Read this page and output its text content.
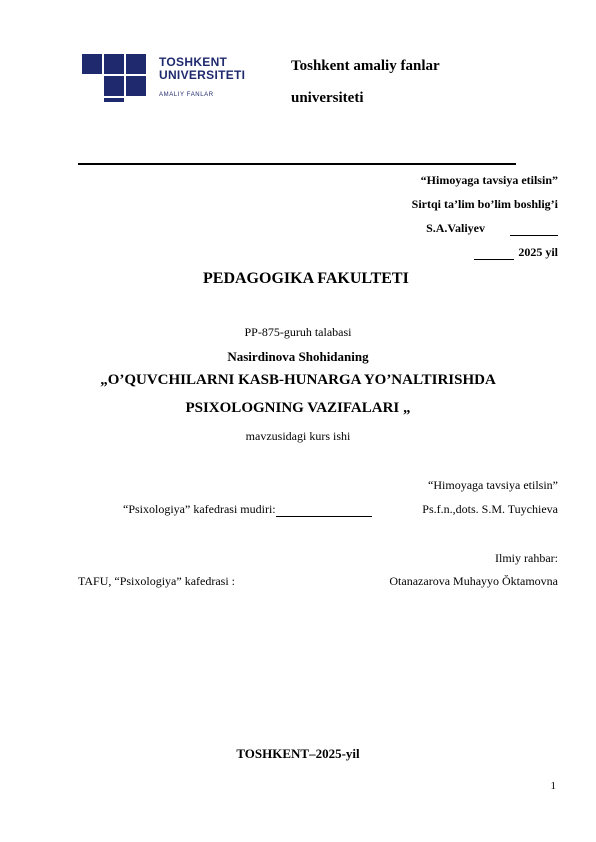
TOSHKENT
UNIVERSITETI
AMALIY FANLAR
Toshkent amaliy fanlar
universiteti
“Himoyaga tavsiya etilsin”
Sirtqi ta’lim bo’lim boshlig’i
S.A.Valiyev
2025 yil
PEDAGOGIKA FAKULTETI
PP-875-guruh talabasi
Nasirdinova Shohidaning
„O’QUVCHILARNI KASB-HUNARGA YO’NALTIRISHDA
PSIXOLOGNING VAZIFALARI „
mavzusidagi kurs ishi
“Himoyaga tavsiya etilsin”
“Psixologiya” kafedrasi mudiri:	Ps.f.n.,dots. S.M. Tuychieva
Ilmiy rahbar:
TAFU, “Psixologiya” kafedrasi :	Otanazarova Muhayyo Ŏktamovna
TOSHKENT–2025-yil
1
